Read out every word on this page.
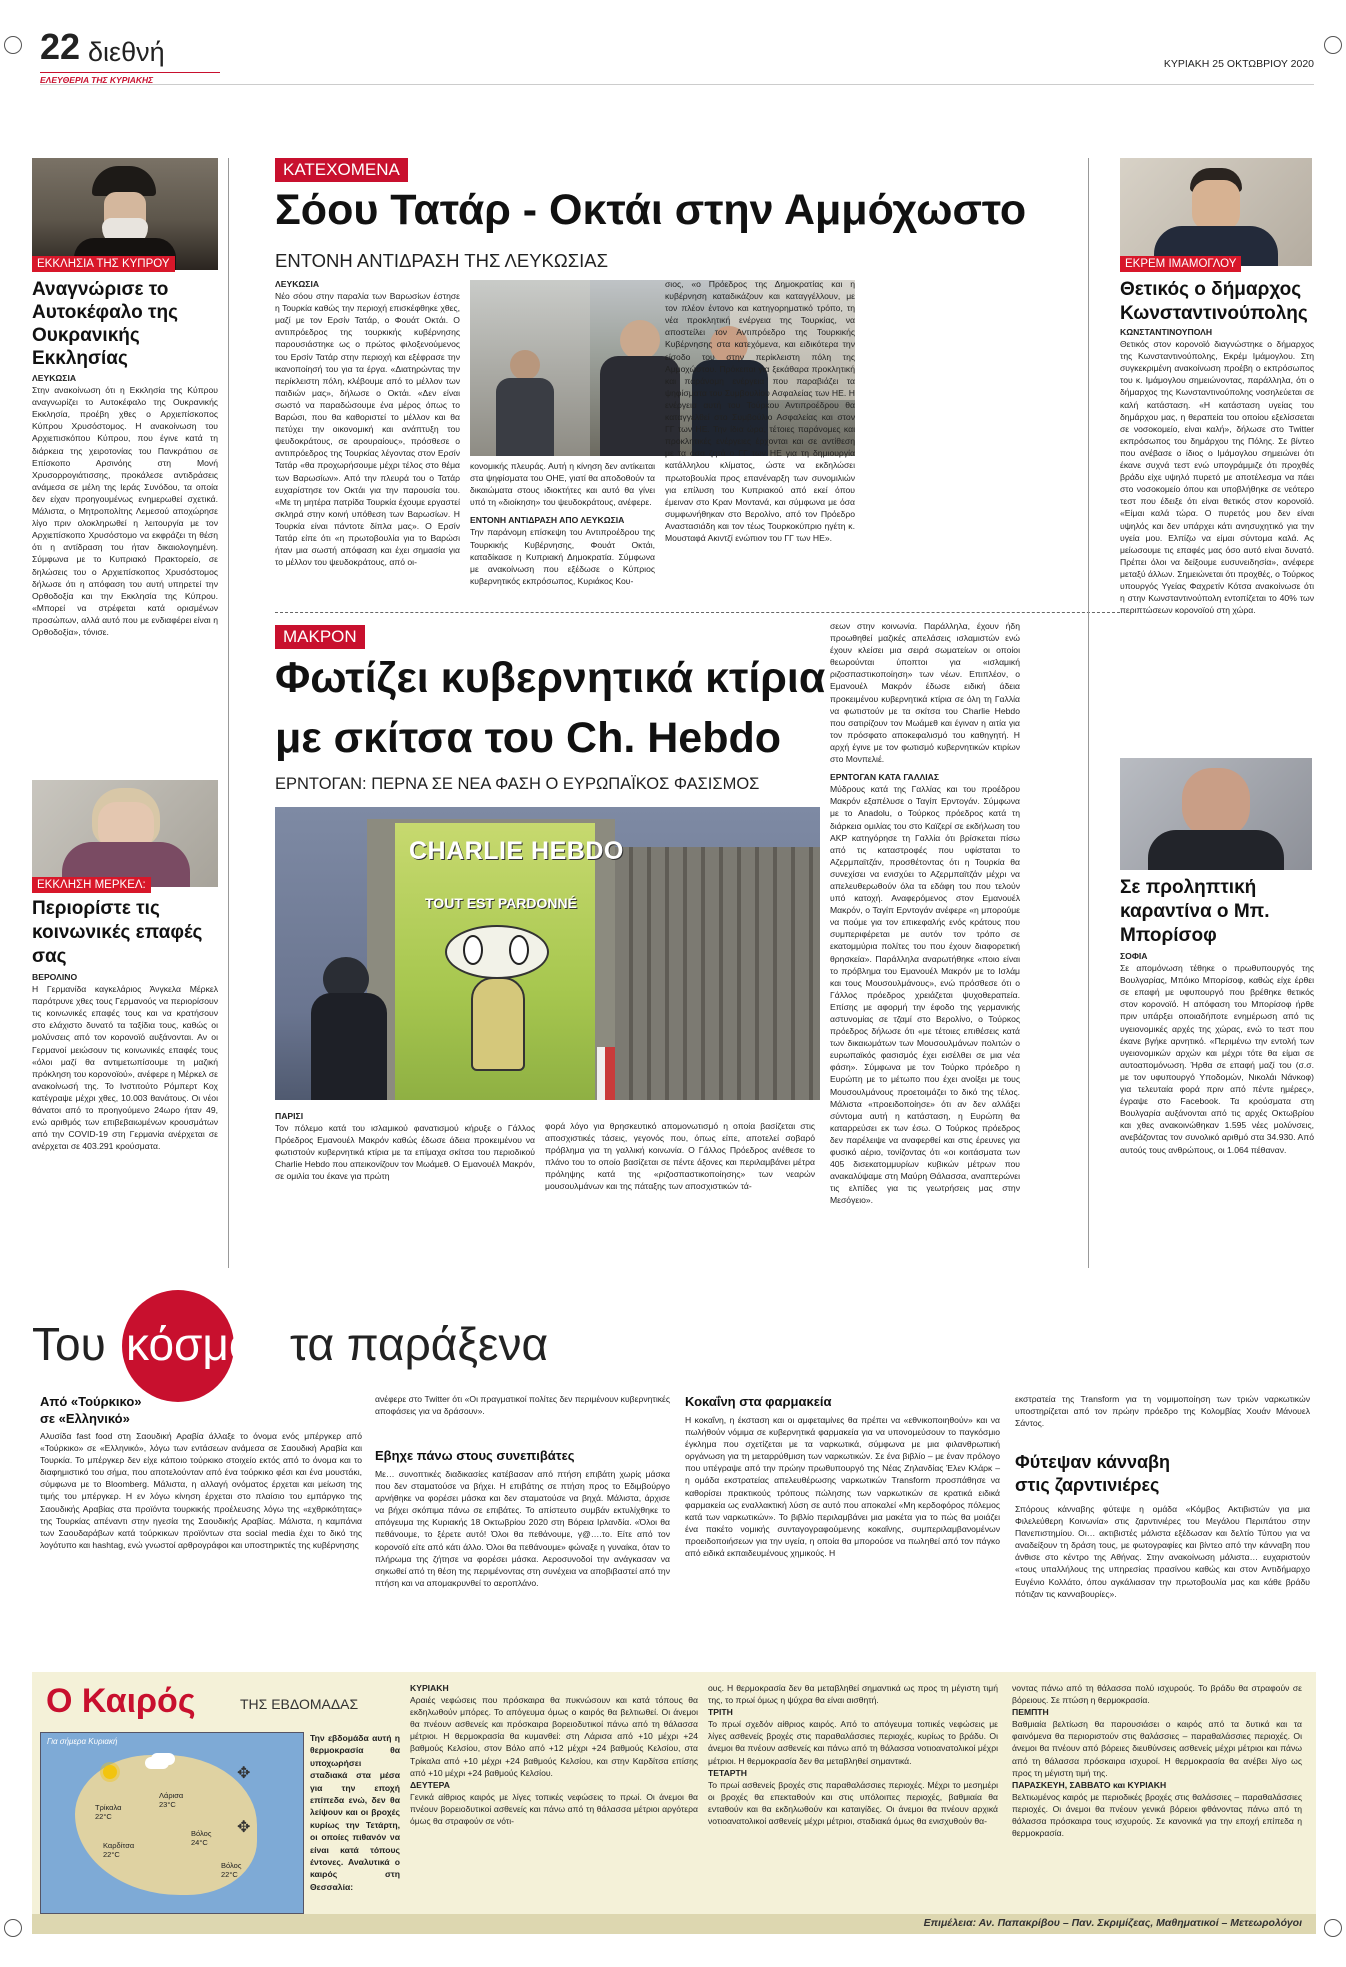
22 διεθνή
ΕΛΕΥΘΕΡΙΑ ΤΗΣ ΚΥΡΙΑΚΗΣ
ΚΥΡΙΑΚΗ 25 ΟΚΤΩΒΡΙΟΥ 2020
ΕΚΚΛΗΣΙΑ ΤΗΣ ΚΥΠΡΟΥ
Αναγνώρισε το Αυτοκέφαλο της Ουκρανικής Εκκλησίας
ΛΕΥΚΩΣΙΑ

Στην ανακοίνωση ότι η Εκκλησία της Κύπρου αναγνωρίζει το Αυτοκέφαλο της Ουκρανικής Εκκλησία, προέβη χθες ο Αρχιεπίσκοπος Κύπρου Χρυσόστομος. Η ανακοίνωση του Αρχιεπισκόπου Κύπρου, που έγινε κατά τη διάρκεια της χειροτονίας του Πανκράτιου σε Επίσκοπο Αρσινόης στη Μονή Χρυσορρογιάτισσης, προκάλεσε αντιδράσεις ανάμεσα σε μέλη της Ιεράς Συνόδου, τα οποία δεν είχαν προηγουμένως ενημερωθεί σχετικά. Μάλιστα, ο Μητροπολίτης Λεμεσού αποχώρησε λίγο πριν ολοκληρωθεί η λειτουργία με τον Αρχιεπίσκοπο Χρυσόστομο να εκφράζει τη θέση ότι η αντίδραση του ήταν δικαιολογημένη. Σύμφωνα με το Κυπριακό Πρακτορείο, σε δηλώσεις του ο Αρχιεπίσκοπος Χρυσόστομος δήλωσε ότι η απόφαση του αυτή υπηρετεί την Ορθοδοξία και την Εκκλησία της Κύπρου. «Μπορεί να στρέφεται κατά ορισμένων προσώπων, αλλά αυτό που με ενδιαφέρει είναι η Ορθοδοξία», τόνισε.

ΕΚΚΛΗΣΗ ΜΕΡΚΕΛ:
Περιορίστε τις κοινωνικές επαφές σας
ΒΕΡΟΛΙΝΟ

Η Γερμανίδα καγκελάριος Άνγκελα Μέρκελ παρότρυνε χθες τους Γερμανούς να περιορίσουν τις κοινωνικές επαφές τους και να κρατήσουν στο ελάχιστο δυνατό τα ταξίδια τους, καθώς οι μολύνσεις από τον κορονοϊό αυξάνονται. Αν οι Γερμανοί μειώσουν τις κοινωνικές επαφές τους «όλοι μαζί θα αντιμετωπίσουμε τη μαζική πρόκληση του κορονοϊού», ανέφερε η Μέρκελ σε ανακοίνωσή της. Το Ινστιτούτο Ρόμπερτ Κοχ κατέγραψε μέχρι χθες, 10.003 θανάτους. Οι νέοι θάνατοι από το προηγούμενο 24ωρο ήταν 49, ενώ αριθμός των επιβεβαιωμένων κρουσμάτων από την COVID-19 στη Γερμανία ανέρχεται σε ανέρχεται σε 403.291 κρούσματα.

ΚΑΤΕΧΟΜΕΝΑ
Σόου Τατάρ - Οκτάι στην Αμμόχωστο
ΕΝΤΟΝΗ ΑΝΤΙΔΡΑΣΗ ΤΗΣ ΛΕΥΚΩΣΙΑΣ
ΛΕΥΚΩΣΙΑ

Νέο σόου στην παραλία των Βαρωσίων έστησε η Τουρκία καθώς την περιοχή επισκέφθηκε χθες, μαζί με τον Ερσίν Τατάρ, ο Φουάτ Οκτάι. Ο αντιπρόεδρος της τουρκικής κυβέρνησης παρουσιάστηκε ως ο πρώτος φιλοξενούμενος του Ερσίν Τατάρ στην περιοχή και εξέφρασε την ικανοποίησή του για τα έργα. «Διατηρώντας την περίκλειστη πόλη, κλέβουμε από το μέλλον των παιδιών μας», δήλωσε ο Οκτάι. «Δεν είναι σωστό να παραδώσουμε ένα μέρος όπως το Βαρώσι, που θα καθοριστεί το μέλλον και θα πετύχει την οικονομική και ανάπτυξη του ψευδοκράτους, σε αρουραίους», πρόσθεσε ο αντιπρόεδρος της Τουρκίας λέγοντας στον Ερσίν Τατάρ «θα προχωρήσουμε μέχρι τέλος στο θέμα των Βαρωσίων». Από την πλευρά του ο Τατάρ ευχαρίστησε τον Οκτάι για την παρουσία του. «Με τη μητέρα πατρίδα Τουρκία έχουμε εργαστεί σκληρά στην κοινή υπόθεση των Βαρωσίων. Η Τουρκία είναι πάντοτε δίπλα μας». Ο Ερσίν Τατάρ είπε ότι «η πρωτοβουλία για το Βαρώσι ήταν μια σωστή απόφαση και έχει σημασία για το μέλλον του ψευδοκράτους, από οι-

κονομικής πλευράς. Αυτή η κίνηση δεν αντίκειται στα ψηφίσματα του ΟΗΕ, γιατί θα αποδοθούν τα δικαιώματα στους ιδιοκτήτες και αυτό θα γίνει υπό τη «διοίκηση» του ψευδοκράτους, ανέφερε.

ΕΝΤΟΝΗ ΑΝΤΙΔΡΑΣΗ ΑΠΟ ΛΕΥΚΩΣΙΑ

Την παράνομη επίσκεψη του Αντιπροέδρου της Τουρκικής Κυβέρνησης, Φουάτ Οκτάι, καταδίκασε η Κυπριακή Δημοκρατία. Σύμφωνα με ανακοίνωση που εξέδωσε ο Κύπριος κυβερνητικός εκπρόσωπος, Κυριάκος Κου-

σιος, «ο Πρόεδρος της Δημοκρατίας και η κυβέρνηση καταδικάζουν και καταγγέλλουν, με τον πλέον έντονο και κατηγορηματικό τρόπο, τη νέα προκλητική ενέργεια της Τουρκίας, να αποστείλει τον Αντιπρόεδρο της Τουρκικής Κυβέρνησης στα κατεχόμενα, και ειδικότερα την είσοδο του στην περίκλειστη πόλη της Αμμοχώστου. Πρόκειται για ξεκάθαρα προκλητική και παράνομη ενέργεια που παραβιάζει τα ψηφίσματα του Συμβουλίου Ασφαλείας των ΗΕ. Η ενέργεια αυτή του Τούρκου Αντιπροέδρου θα καταγγελθεί στο Συμβούλιο Ασφαλείας και στον ΓΓ των ΗΕ. Την ίδια ώρα, τέτοιες παράνομες και προκλητικές ενέργειες έρχονται και σε αντίθεση με τα όσα ζητά ο ΓΓ των ΗΕ για τη δημιουργία κατάλληλου κλίματος, ώστε να εκδηλώσει πρωτοβουλία προς επανέναρξη των συνομιλιών για επίλυση του Κυπριακού από εκεί όπου έμειναν στο Κραν Μοντανά, και σύμφωνα με όσα συμφωνήθηκαν στο Βερολίνο, από τον Πρόεδρο Αναστασιάδη και τον τέως Τουρκοκύπριο ηγέτη κ. Μουσταφά Ακιντζί ενώπιον του ΓΓ των ΗΕ».

ΜΑΚΡΟΝ
Φωτίζει κυβερνητικά κτίρια
με σκίτσα του Ch. Hebdo
ΕΡΝΤΟΓΑΝ: ΠΕΡΝΑ ΣΕ ΝΕΑ ΦΑΣΗ Ο ΕΥΡΩΠΑΪΚΟΣ ΦΑΣΙΣΜΟΣ
CHARLIE HEBDO
TOUT EST PARDONNÉ
ΠΑΡΙΣΙ

Τον πόλεμο κατά του ισλαμικού φανατισμού κήρυξε ο Γάλλος Πρόεδρος Εμανουέλ Μακρόν καθώς έδωσε άδεια προκειμένου να φωτιστούν κυβερνητικά κτίρια με τα επίμαχα σκίτσα του περιοδικού Charlie Hebdo που απεικονίζουν τον Μωάμεθ. Ο Εμανουέλ Μακρόν, σε ομιλία του έκανε για πρώτη

φορά λόγο για θρησκευτικό απομονωτισμό η οποία βασίζεται στις αποσχιστικές τάσεις, γεγονός που, όπως είπε, αποτελεί σοβαρό πρόβλημα για τη γαλλική κοινωνία. Ο Γάλλος Πρόεδρος ανέθεσε το πλάνο του το οποίο βασίζεται σε πέντε άξονες και περιλαμβάνει μέτρα πρόληψης κατά της «ριζοσπαστικοποίησης» των νεαρών μουσουλμάνων και της πάταξης των αποσχιστικών τά-

σεων στην κοινωνία. Παράλληλα, έχουν ήδη προωθηθεί μαζικές απελάσεις ισλαμιστών ενώ έχουν κλείσει μια σειρά σωματείων οι οποίοι θεωρούνται ύποπτοι για «ισλαμική ριζοσπαστικοποίηση» των νέων. Επιπλέον, ο Εμανουέλ Μακρόν έδωσε ειδική άδεια προκειμένου κυβερνητικά κτίρια σε όλη τη Γαλλία να φωτιστούν με τα σκίτσα του Charlie Hebdo που σατιρίζουν τον Μωάμεθ και έγιναν η αιτία για τον πρόσφατο αποκεφαλισμό του καθηγητή. Η αρχή έγινε με τον φωτισμό κυβερνητικών κτιρίων στο Μονπελιέ.

ΕΡΝΤΟΓΑΝ ΚΑΤΑ ΓΑΛΛΙΑΣ

Μύδρους κατά της Γαλλίας και του προέδρου Μακρόν εξαπέλυσε ο Ταγίπ Ερντογάν. Σύμφωνα με το Anadolu, ο Τούρκος πρόεδρος κατά τη διάρκεια ομιλίας του στο Καϊζερί σε εκδήλωση του AKP κατηγόρησε τη Γαλλία ότι βρίσκεται πίσω από τις καταστροφές που υφίσταται το Αζερμπαϊτζάν, προσθέτοντας ότι η Τουρκία θα συνεχίσει να ενισχύει το Αζερμπαϊτζάν μέχρι να απελευθερωθούν όλα τα εδάφη του που τελούν υπό κατοχή. Αναφερόμενος στον Εμανουέλ Μακρόν, ο Ταγίπ Ερντογάν ανέφερε «η μπορούμε να πούμε για τον επικεφαλής ενός κράτους που συμπεριφέρεται με αυτόν τον τρόπο σε εκατομμύρια πολίτες του που έχουν διαφορετική θρησκεία». Παράλληλα αναρωτήθηκε «ποιο είναι το πρόβλημα του Εμανουέλ Μακρόν με το Ισλάμ και τους Μουσουλμάνους», ενώ πρόσθεσε ότι ο Γάλλος πρόεδρος χρειάζεται ψυχοθεραπεία. Επίσης με αφορμή την έφοδο της γερμανικής αστυνομίας σε τζαμί στο Βερολίνο, ο Τούρκος πρόεδρος δήλωσε ότι «με τέτοιες επιθέσεις κατά των δικαιωμάτων των Μουσουλμάνων πολιτών ο ευρωπαϊκός φασισμός έχει εισέλθει σε μια νέα φάση». Σύμφωνα με τον Τούρκο πρόεδρο η Ευρώπη με το μέτωπο που έχει ανοίξει με τους Μουσουλμάνους προετοιμάζει το δικό της τέλος. Μάλιστα «προειδοποίησε» ότι αν δεν αλλάξει σύντομα αυτή η κατάσταση, η Ευρώπη θα καταρρεύσει εκ των έσω. Ο Τούρκος πρόεδρος δεν παρέλειψε να αναφερθεί και στις έρευνες για φυσικό αέριο, τονίζοντας ότι «οι κοιτάσματα των 405 δισεκατομμυρίων κυβικών μέτρων που ανακαλύψαμε στη Μαύρη Θάλασσα, αναπτερώνει τις ελπίδες για τις γεωτρήσεις μας στην Μεσόγειο».

ΕΚΡΕΜ ΙΜΑΜΟΓΛΟΥ
Θετικός ο δήμαρχος Κωνσταντινούπολης
ΚΩΝΣΤΑΝΤΙΝΟΥΠΟΛΗ

Θετικός στον κορονοϊό διαγνώστηκε ο δήμαρχος της Κωνσταντινούπολης, Εκρέμ Ιμάμογλου. Στη συγκεκριμένη ανακοίνωση προέβη ο εκπρόσωπος του κ. Ιμάμογλου σημειώνοντας, παράλληλα, ότι ο δήμαρχος της Κωνσταντινούπολης νοσηλεύεται σε καλή κατάσταση. «Η κατάσταση υγείας του δημάρχου μας, η θεραπεία του οποίου εξελίσσεται σε νοσοκομείο, είναι καλή», δήλωσε στο Twitter εκπρόσωπος του δημάρχου της Πόλης. Σε βίντεο που ανέβασε ο ίδιος ο Ιμάμογλου σημειώνει ότι έκανε συχνά τεστ ενώ υπογράμμιζε ότι προχθές βράδυ είχε υψηλό πυρετό με αποτέλεσμα να πάει στο νοσοκομείο όπου και υποβλήθηκε σε νεότερο τεστ που έδειξε ότι είναι θετικός στον κορονοϊό. «Είμαι καλά τώρα. Ο πυρετός μου δεν είναι υψηλός και δεν υπάρχει κάτι ανησυχητικό για την υγεία μου. Ελπίζω να είμαι σύντομα καλά. Ας μείωσουμε τις επαφές μας όσο αυτό είναι δυνατό. Πρέπει όλοι να δείξουμε ευσυνειδησία», ανέφερε μεταξύ άλλων. Σημειώνεται ότι προχθές, ο Τούρκος υπουργός Υγείας Φαχρετίν Κότσα ανακοίνωσε ότι η στην Κωνσταντινούπολη εντοπίζεται το 40% των περιπτώσεων κορονοϊού στη χώρα.

Σε προληπτική καραντίνα ο Μπ. Μπορίσοφ
ΣΟΦΙΑ

Σε απομόνωση τέθηκε ο πρωθυπουργός της Βουλγαρίας, Μπόικο Μπορίσοφ, καθώς είχε έρθει σε επαφή με υφυπουργό που βρέθηκε θετικός στον κορονοϊό. Η απόφαση του Μπορίσοφ ήρθε πριν υπάρξει οποιαδήποτε ενημέρωση από τις υγειονομικές αρχές της χώρας, ενώ το τεστ που έκανε βγήκε αρνητικό. «Περιμένω την εντολή των υγειονομικών αρχών και μέχρι τότε θα είμαι σε αυτοαπομόνωση. Ήρθα σε επαφή μαζί του (σ.σ. με τον υφυπουργό Υποδομών, Νικολάι Νάνκοφ) για τελευταία φορά πριν από πέντε ημέρες», έγραψε στο Facebook. Τα κρούσματα στη Βουλγαρία αυξάνονται από τις αρχές Οκτωβρίου και χθες ανακοινώθηκαν 1.595 νέες μολύνσεις, ανεβάζοντας τον συνολικό αριθμό στα 34.930. Από αυτούς τους ανθρώπους, οι 1.064 πέθαναν.

Του κόσμου τα παράξενα
Από «Τούρκικο»
σε «Ελληνικό»

Αλυσίδα fast food στη Σαουδική Αραβία άλλαξε το όνομα ενός μπέργκερ από «Τούρκικο» σε «Ελληνικό», λόγω των εντάσεων ανάμεσα σε Σαουδική Αραβία και Τουρκία. Το μπέργκερ δεν είχε κάποιο τούρκικο στοιχείο εκτός από το όνομα και το διαφημιστικό του σήμα, που αποτελούνταν από ένα τούρκικο φέσι και ένα μουστάκι, σύμφωνα με το Bloomberg. Μάλιστα, η αλλαγή ονόματος έρχεται και μείωση της τιμής του μπέργκερ. Η εν λόγω κίνηση έρχεται στο πλαίσιο του εμπάργκο της Σαουδικής Αραβίας στα προϊόντα τουρκικής προέλευσης λόγω της «εχθρικότητας» της Τουρκίας απέναντι στην ηγεσία της Σαουδικής Αραβίας. Μάλιστα, η καμπάνια των Σαουδαράβων κατά τούρκικων προϊόντων στα social media έχει το δικό της λογότυπο και hashtag, ενώ γνωστοί αρθρογράφοι και υποστηρικτές της κυβέρνησης

ανέφερε στο Twitter ότι «Οι πραγματικοί πολίτες δεν περιμένουν κυβερνητικές αποφάσεις για να δράσουν».

Εβηχε πάνω στους συνεπιβάτες

Με… συνοπτικές διαδικασίες κατέβασαν από πτήση επιβάτη χωρίς μάσκα που δεν σταματούσε να βήχει. Η επιβάτης σε πτήση προς το Εδιμβούργο αρνήθηκε να φορέσει μάσκα και δεν σταματούσε να βηχά. Μάλιστα, άρχισε να βήχει σκόπιμα πάνω σε επιβάτες. Το απίστευτο συμβάν εκτυλίχθηκε το απόγευμα της Κυριακής 18 Οκτωβρίου 2020 στη Βόρεια Ιρλανδία. «Όλοι θα πεθάνουμε, το ξέρετε αυτό! Όλοι θα πεθάνουμε, γ@….το. Είτε από τον κορονοϊό είτε από κάτι άλλο. Όλοι θα πεθάνουμε» φώναξε η γυναίκα, όταν το πλήρωμα της ζήτησε να φορέσει μάσκα. Αεροσυνοδοί την ανάγκασαν να σηκωθεί από τη θέση της περιμένοντας στη συνέχεια να αποβιβαστεί από την πτήση και να απομακρυνθεί το αεροπλάνο.

Κοκαΐνη στα φαρμακεία

Η κοκαΐνη, η έκσταση και οι αμφεταμίνες θα πρέπει να «εθνικοποιηθούν» και να πωλήθούν νόμιμα σε κυβερνητικά φαρμακεία για να υπονομεύσουν το παγκόσμιο έγκλημα που σχετίζεται με τα ναρκωτικά, σύμφωνα με μια φιλανθρωπική οργάνωση για τη μεταρρύθμιση των ναρκωτικών. Σε ένα βιβλίο – με έναν πρόλογο που υπέγραψε από την πρώην πρωθυπουργό της Νέας Ζηλανδίας Έλεν Κλάρκ – η ομάδα εκστρατείας απελευθέρωσης ναρκωτικών Transform προσπάθησε να καθορίσει πρακτικούς τρόπους πώλησης των ναρκωτικών σε κρατικά ειδικά φαρμακεία ως εναλλακτική λύση σε αυτό που αποκαλεί «Μη κερδοφόρος πόλεμος κατά των ναρκωτικών». Το βιβλίο περιλαμβάνει μια μακέτα για το πώς θα μοιάζει ένα πακέτο νομικής συνταγογραφούμενης κοκαΐνης, συμπεριλαμβανομένων προειδοποιήσεων για την υγεία, η οποία θα μπορούσε να πωληθεί από τον πάγκο από ειδικά εκπαιδευμένους χημικούς. Η

εκστρατεία της Transform για τη νομιμοποίηση των τριών ναρκωτικών υποστηρίζεται από τον πρώην πρόεδρο της Κολομβίας Χουάν Μάνουελ Σάντος.

Φύτεψαν κάνναβη
στις ζαρντινιέρες

Σπόρους κάνναβης φύτεψε η ομάδα «Κόμβος Ακτιβιστών για μια Φιλελεύθερη Κοινωνία» στις ζαρντινιέρες του Μεγάλου Περιπάτου στην Πανεπιστημίου. Οι… ακτιβιστές μάλιστα εξέδωσαν και δελτίο Τύπου για να αναδείξουν τη δράση τους, με φωτογραφίες και βίντεο από την κάνναβη που άνθισε στο κέντρο της Αθήνας. Στην ανακοίνωση μάλιστα… ευχαριστούν «τους υπαλλήλους της υπηρεσίας πρασίνου καθώς και στον Αντιδήμαρχο Ευγένιο Κολλάτο, όπου αγκάλιασαν την πρωτοβουλία μας και κάθε βράδυ πότιζαν τις κανναβουρίες».

Ο Καιρός	ΤΗΣ ΕΒΔΟΜΑΔΑΣ
Για σήμερα Κυριακή
✥
✥
Λάρισα
23°C
Βόλος
24°C
Τρίκαλα
22°C
Καρδίτσα
22°C
Βόλος
22°C

Την εβδομάδα αυτή η θερμοκρασία θα υποχωρήσει σταδιακά στα μέσα για την εποχή επίπεδα ενώ, δεν θα λείψουν και οι βροχές κυρίως την Τετάρτη, οι οποίες πιθανόν να είναι κατά τόπους έντονες. Αναλυτικά ο καιρός στη Θεσσαλία:

ΚΥΡΙΑΚΗ

Αραιές νεφώσεις που πρόσκαιρα θα πυκνώσουν και κατά τόπους θα εκδηλωθούν μπόρες. Το απόγευμα όμως ο καιρός θα βελτιωθεί. Οι άνεμοι θα πνέουν ασθενείς και πρόσκαιρα βορειοδυτικοί πάνω από τη θάλασσα μέτριοι. Η θερμοκρασία θα κυμανθεί: στη Λάρισα από +10 μέχρι +24 βαθμούς Κελσίου, στον Βόλο από +12 μέχρι +24 βαθμούς Κελσίου, στα Τρίκαλα από +10 μέχρι +24 βαθμούς Κελσίου, και στην Καρδίτσα επίσης από +10 μέχρι +24 βαθμούς Κελσίου.

ΔΕΥΤΕΡΑ

Γενικά αίθριος καιρός με λίγες τοπικές νεφώσεις το πρωί. Οι άνεμοι θα πνέουν βορειοδυτικοί ασθενείς και πάνω από τη θάλασσα μέτριοι αργότερα όμως θα στραφούν σε νότι-

ους. Η θερμοκρασία δεν θα μεταβληθεί σημαντικά ως προς τη μέγιστη τιμή της, το πρωί όμως η ψύχρα θα είναι αισθητή.

ΤΡΙΤΗ

Το πρωί σχεδόν αίθριος καιρός. Από το απόγευμα τοπικές νεφώσεις με λίγες ασθενείς βροχές στις παραθαλάσσιες περιοχές, κυρίως το βράδυ. Οι άνεμοι θα πνέουν ασθενείς και πάνω από τη θάλασσα νοτιοανατολικοί μέχρι μέτριοι. Η θερμοκρασία δεν θα μεταβληθεί σημαντικά.

ΤΕΤΑΡΤΗ

Το πρωί ασθενείς βροχές στις παραθαλάσσιες περιοχές. Μέχρι το μεσημέρι οι βροχές θα επεκταθούν και στις υπόλοιπες περιοχές, βαθμιαία θα ενταθούν και θα εκδηλωθούν και καταιγίδες. Οι άνεμοι θα πνέουν αρχικά νοτιοανατολικοί ασθενείς μέχρι μέτριοι, σταδιακά όμως θα ενισχυθούν θα-

νοντας πάνω από τη θάλασσα πολύ ισχυρούς. Το βράδυ θα στραφούν σε βόρειους. Σε πτώση η θερμοκρασία.

ΠΕΜΠΤΗ

Βαθμιαία βελτίωση θα παρουσιάσει ο καιρός από τα δυτικά και τα φαινόμενα θα περιοριστούν στις θαλάσσιες – παραθαλάσσιες περιοχές. Οι άνεμοι θα πνέουν από βόρειες διευθύνσεις ασθενείς μέχρι μέτριοι και πάνω από τη θάλασσα πρόσκαιρα ισχυροί. Η θερμοκρασία θα ανέβει λίγο ως προς τη μέγιστη τιμή της.

ΠΑΡΑΣΚΕΥΗ, ΣΑΒΒΑΤΟ και ΚΥΡΙΑΚΗ

Βελτιωμένος καιρός με περιοδικές βροχές στις θαλάσσιες – παραθαλάσσιες περιοχές. Οι άνεμοι θα πνέουν γενικά βόρειοι φθάνοντας πάνω από τη θάλασσα πρόσκαιρα τους ισχυρούς. Σε κανονικά για την εποχή επίπεδα η θερμοκρασία.

Επιμέλεια: Αν. Παπακρίβου – Παν. Σκριμίζεας, Μαθηματικοί – Μετεωρολόγοι
